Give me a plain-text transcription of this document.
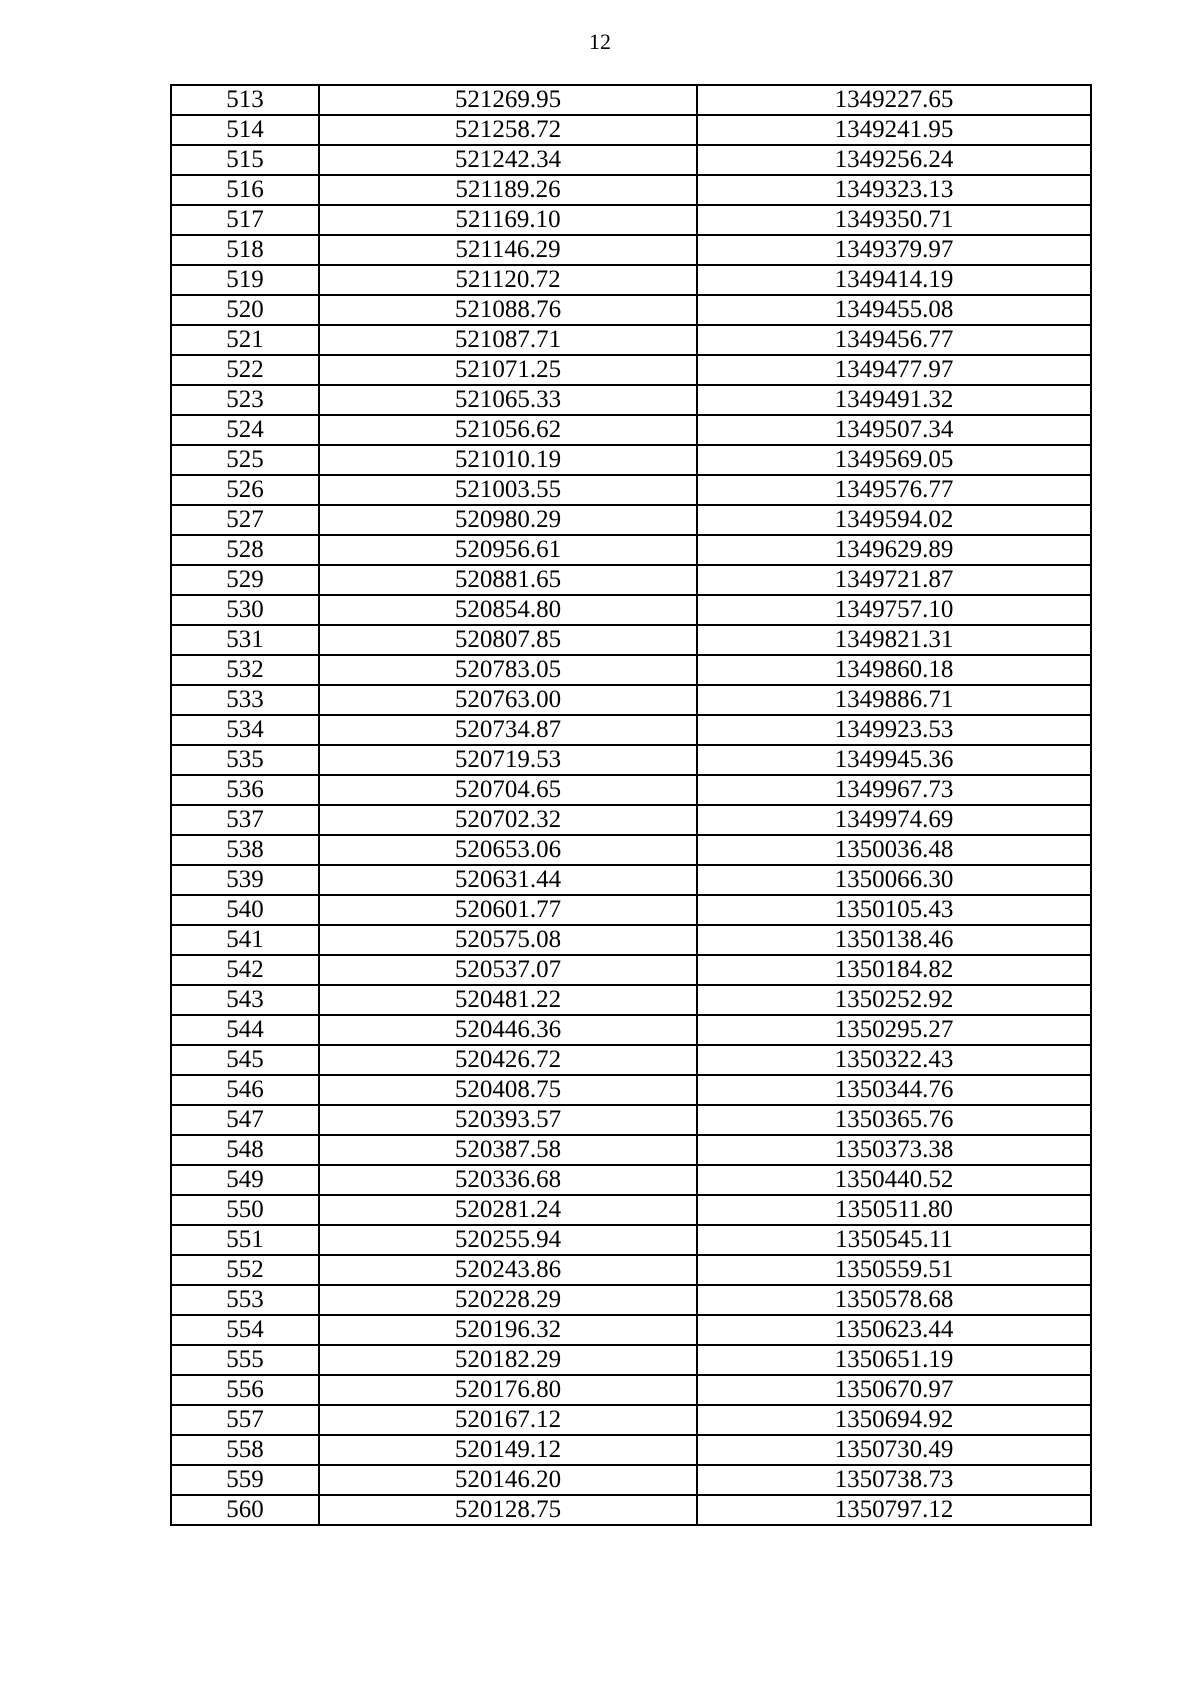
12
513	521269.95	1349227.65
514	521258.72	1349241.95
515	521242.34	1349256.24
516	521189.26	1349323.13
517	521169.10	1349350.71
518	521146.29	1349379.97
519	521120.72	1349414.19
520	521088.76	1349455.08
521	521087.71	1349456.77
522	521071.25	1349477.97
523	521065.33	1349491.32
524	521056.62	1349507.34
525	521010.19	1349569.05
526	521003.55	1349576.77
527	520980.29	1349594.02
528	520956.61	1349629.89
529	520881.65	1349721.87
530	520854.80	1349757.10
531	520807.85	1349821.31
532	520783.05	1349860.18
533	520763.00	1349886.71
534	520734.87	1349923.53
535	520719.53	1349945.36
536	520704.65	1349967.73
537	520702.32	1349974.69
538	520653.06	1350036.48
539	520631.44	1350066.30
540	520601.77	1350105.43
541	520575.08	1350138.46
542	520537.07	1350184.82
543	520481.22	1350252.92
544	520446.36	1350295.27
545	520426.72	1350322.43
546	520408.75	1350344.76
547	520393.57	1350365.76
548	520387.58	1350373.38
549	520336.68	1350440.52
550	520281.24	1350511.80
551	520255.94	1350545.11
552	520243.86	1350559.51
553	520228.29	1350578.68
554	520196.32	1350623.44
555	520182.29	1350651.19
556	520176.80	1350670.97
557	520167.12	1350694.92
558	520149.12	1350730.49
559	520146.20	1350738.73
560	520128.75	1350797.12
